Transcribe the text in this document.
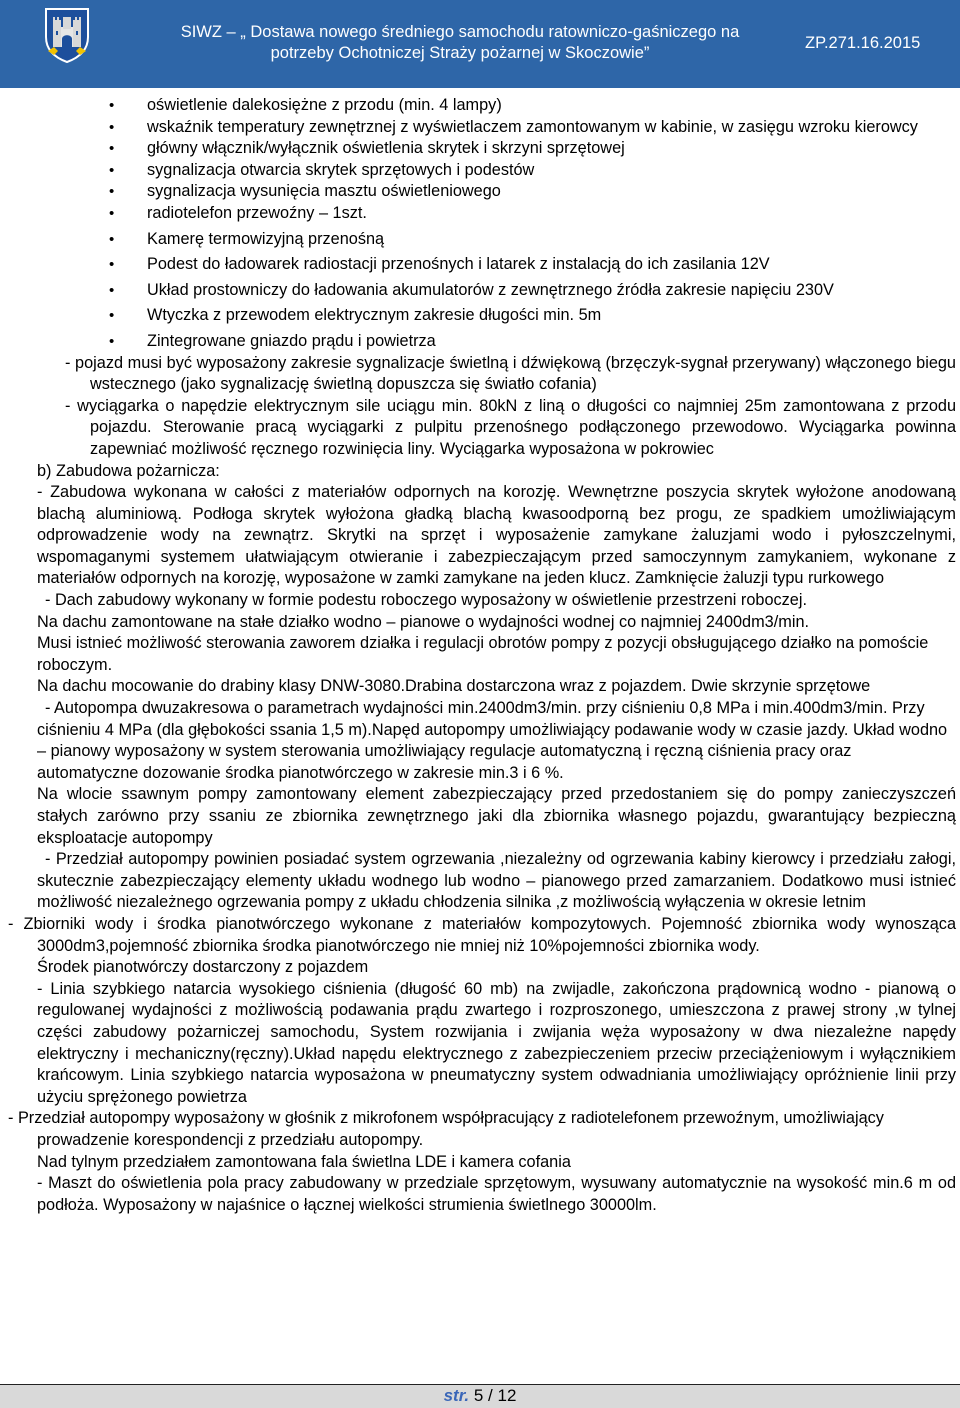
SIWZ – „ Dostawa nowego średniego samochodu ratowniczo-gaśniczego na
potrzeby Ochotniczej Straży pożarnej w Skoczowie”
ZP.271.16.2015
• oświetlenie dalekosiężne z przodu (min. 4 lampy)
• wskaźnik temperatury zewnętrznej z wyświetlaczem zamontowanym w kabinie, w zasięgu wzroku kierowcy
• główny włącznik/wyłącznik oświetlenia skrytek i skrzyni sprzętowej
• sygnalizacja otwarcia skrytek sprzętowych i podestów
• sygnalizacja wysunięcia masztu oświetleniowego
• radiotelefon przewoźny – 1szt.
• Kamerę termowizyjną przenośną
• Podest do ładowarek radiostacji przenośnych i latarek z instalacją do ich zasilania 12V
• Układ prostowniczy do ładowania akumulatorów z zewnętrznego źródła zakresie napięciu 230V
• Wtyczka z przewodem elektrycznym zakresie długości min. 5m
• Zintegrowane gniazdo prądu i powietrza
- pojazd musi być wyposażony zakresie sygnalizacje świetlną i dźwiękową (brzęczyk-sygnał przerywany) włączonego biegu wstecznego (jako sygnalizację świetlną dopuszcza się światło cofania)
- wyciągarka o napędzie elektrycznym sile uciągu min. 80kN z liną o długości co najmniej 25m zamontowana z przodu pojazdu. Sterowanie pracą wyciągarki z pulpitu przenośnego podłączonego przewodowo. Wyciągarka powinna zapewniać możliwość ręcznego rozwinięcia liny. Wyciągarka wyposażona w pokrowiec
b) Zabudowa pożarnicza:
- Zabudowa wykonana w całości z materiałów odpornych na korozję. Wewnętrzne poszycia skrytek wyłożone anodowaną blachą aluminiową. Podłoga skrytek wyłożona gładką blachą kwasoodporną bez progu, ze spadkiem umożliwiającym odprowadzenie wody na zewnątrz. Skrytki na sprzęt i wyposażenie zamykane żaluzjami wodo i pyłoszczelnymi, wspomaganymi systemem ułatwiającym otwieranie i zabezpieczającym przed samoczynnym zamykaniem, wykonane z materiałów odpornych na korozję, wyposażone w zamki zamykane na jeden klucz. Zamknięcie żaluzji typu rurkowego
- Dach zabudowy wykonany w formie podestu roboczego wyposażony w oświetlenie przestrzeni roboczej.
Na dachu zamontowane na stałe działko wodno – pianowe o wydajności wodnej co najmniej 2400dm3/min.
Musi istnieć możliwość sterowania zaworem działka i regulacji obrotów pompy z pozycji obsługującego działko na pomoście roboczym.
Na dachu mocowanie do drabiny klasy DNW-3080.Drabina dostarczona wraz z pojazdem. Dwie skrzynie sprzętowe
- Autopompa dwuzakresowa o parametrach wydajności min.2400dm3/min. przy ciśnieniu 0,8 MPa i min.400dm3/min. Przy ciśnieniu 4 MPa (dla głębokości ssania 1,5 m).Napęd autopompy umożliwiający podawanie wody w czasie jazdy. Układ wodno – pianowy wyposażony w system sterowania umożliwiający regulacje automatyczną i ręczną ciśnienia pracy oraz automatyczne dozowanie środka pianotwórczego w zakresie min.3 i 6 %.
Na wlocie ssawnym pompy zamontowany element zabezpieczający przed przedostaniem się do pompy zanieczyszczeń stałych zarówno przy ssaniu ze zbiornika zewnętrznego jaki dla zbiornika własnego pojazdu, gwarantujący bezpieczną eksploatacje autopompy
- Przedział autopompy powinien posiadać system ogrzewania ,niezależny od ogrzewania kabiny kierowcy i przedziału załogi, skutecznie zabezpieczający elementy układu wodnego lub wodno – pianowego przed zamarzaniem. Dodatkowo musi istnieć możliwość niezależnego ogrzewania pompy z układu chłodzenia silnika ,z możliwością wyłączenia w okresie letnim
- Zbiorniki wody i środka pianotwórczego wykonane z materiałów kompozytowych. Pojemność zbiornika wody wynosząca 3000dm3,pojemność zbiornika środka pianotwórczego nie mniej niż 10%pojemności zbiornika wody.
Środek pianotwórczy dostarczony z pojazdem
- Linia szybkiego natarcia wysokiego ciśnienia (długość 60 mb) na zwijadle, zakończona prądownicą wodno - pianową o regulowanej wydajności z możliwością podawania prądu zwartego i rozproszonego, umieszczona z prawej strony ,w tylnej części zabudowy pożarniczej samochodu, System rozwijania i zwijania węża wyposażony w dwa niezależne napędy elektryczny i mechaniczny(ręczny).Układ napędu elektrycznego z zabezpieczeniem przeciw przeciążeniowym i wyłącznikiem krańcowym. Linia szybkiego natarcia wyposażona w pneumatyczny system odwadniania umożliwiający opróżnienie linii przy użyciu sprężonego powietrza
- Przedział autopompy wyposażony w głośnik z mikrofonem współpracujący z radiotelefonem przewoźnym, umożliwiający prowadzenie korespondencji z przedziału autopompy.
Nad tylnym przedziałem zamontowana fala świetlna LDE i kamera cofania
- Maszt do oświetlenia pola pracy zabudowany w przedziale sprzętowym, wysuwany automatycznie na wysokość min.6 m od podłoża. Wyposażony w najaśnice o łącznej wielkości strumienia świetlnego 30000lm.
str. 5 / 12
